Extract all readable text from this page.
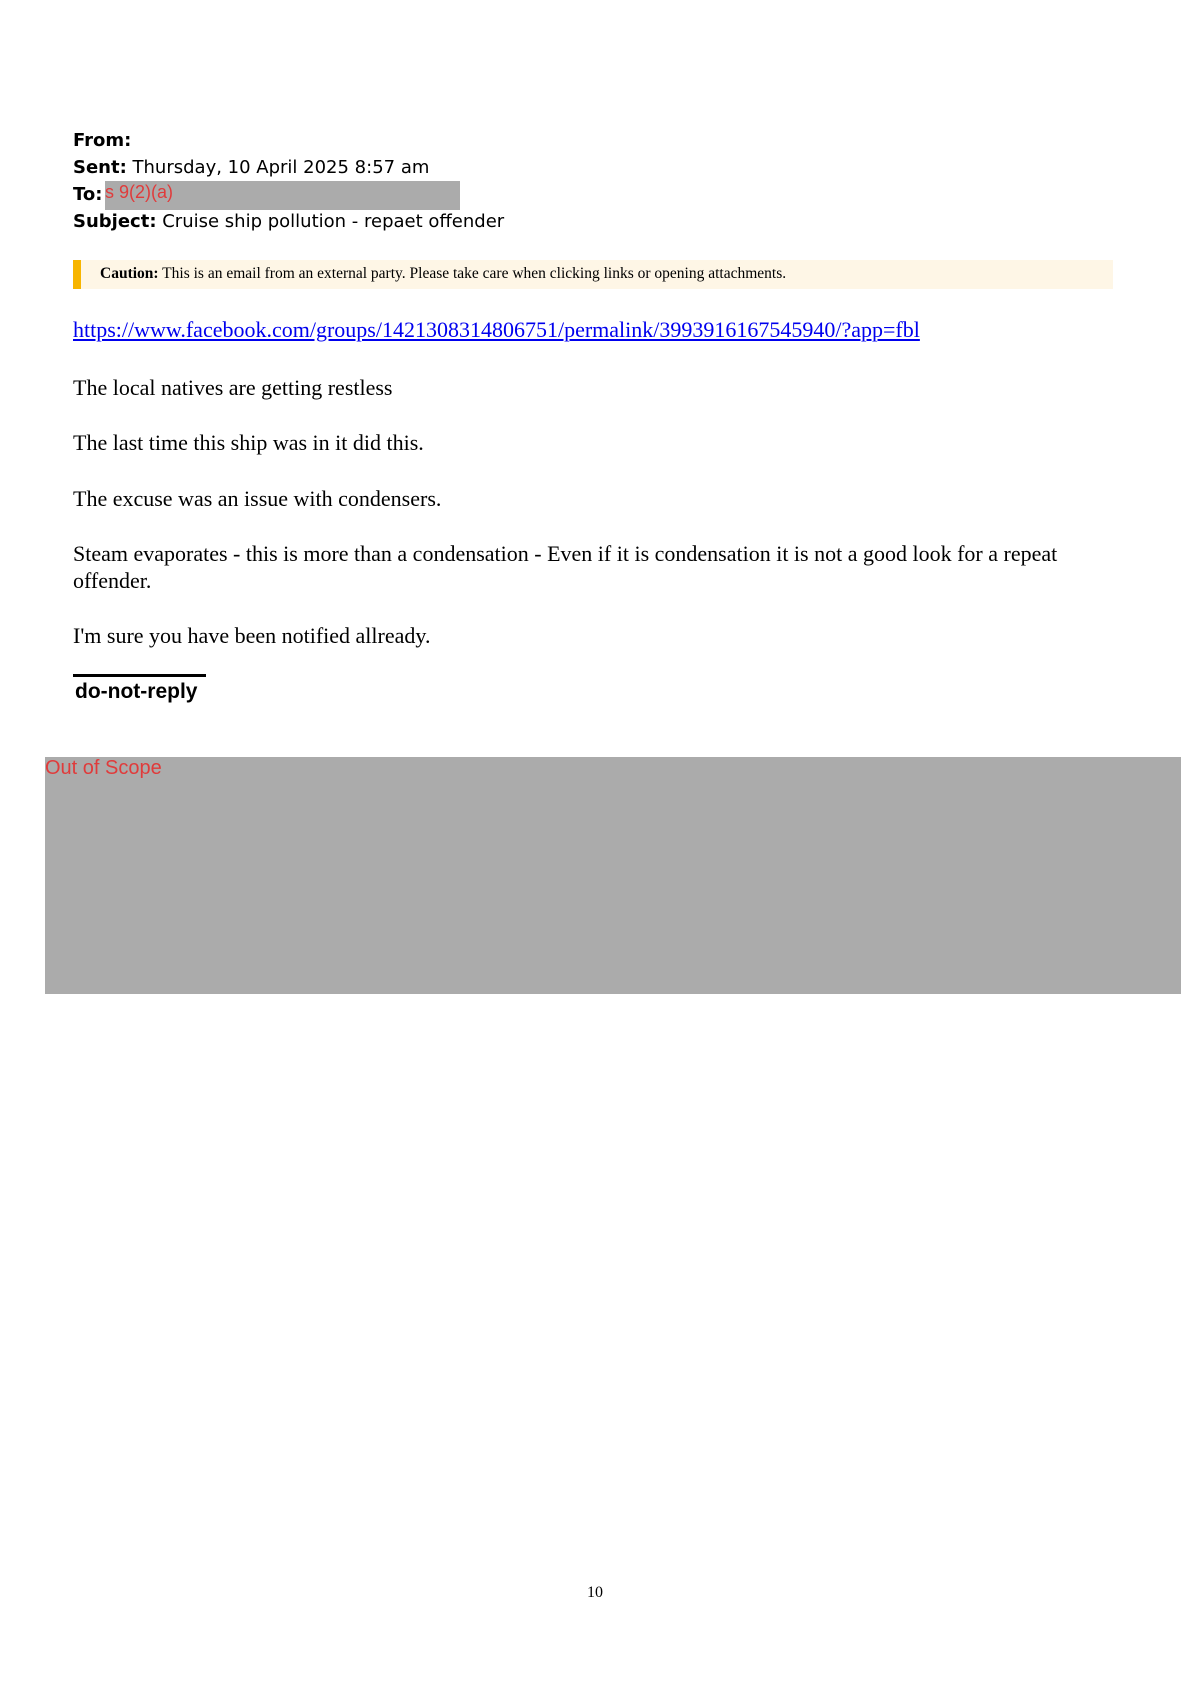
From:
Sent: Thursday, 10 April 2025 8:57 am
To: s 9(2)(a)
Subject: Cruise ship pollution - repaet offender
Caution: This is an email from an external party. Please take care when clicking links or opening attachments.
https://www.facebook.com/groups/1421308314806751/permalink/3993916167545940/?app=fbl
The local natives are getting restless
The last time this ship was in it did this.
The excuse was an issue with condensers.
Steam evaporates - this is more than a condensation - Even if it is condensation it is not a good look for a repeat offender.
I'm sure you have been notified allready.
do-not-reply
Out of Scope
10
